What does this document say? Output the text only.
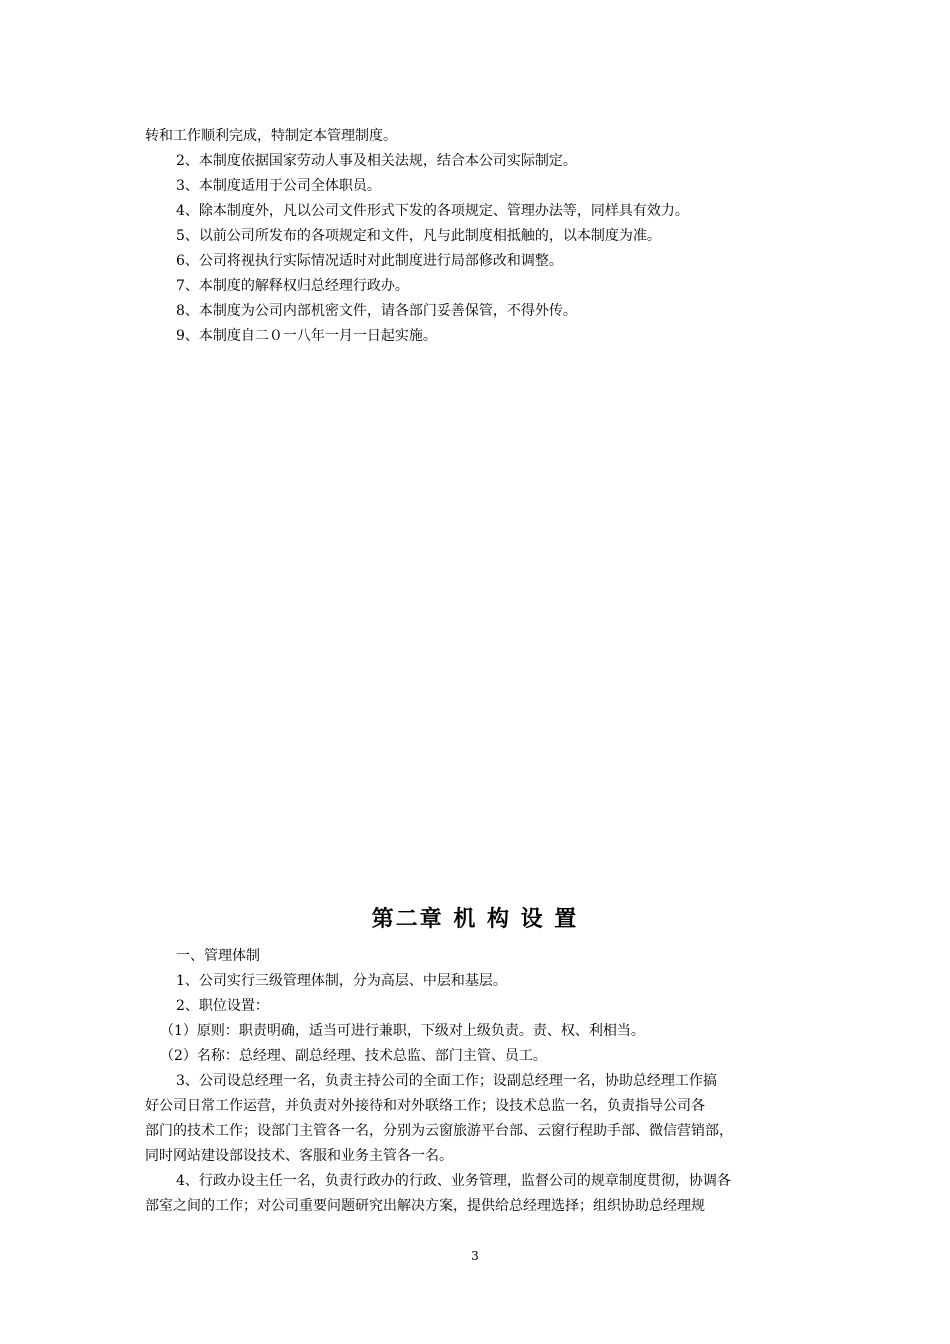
转和工作顺利完成，特制定本管理制度。
2、本制度依据国家劳动人事及相关法规，结合本公司实际制定。
3、本制度适用于公司全体职员。
4、除本制度外，凡以公司文件形式下发的各项规定、管理办法等，同样具有效力。
5、以前公司所发布的各项规定和文件，凡与此制度相抵触的，以本制度为准。
6、公司将视执行实际情况适时对此制度进行局部修改和调整。
7、本制度的解释权归总经理行政办。
8、本制度为公司内部机密文件，请各部门妥善保管，不得外传。
9、本制度自二０一八年一月一日起实施。
第二章 机 构 设 置
一、管理体制
1、公司实行三级管理体制，分为高层、中层和基层。
2、职位设置：
（1）原则：职责明确，适当可进行兼职，下级对上级负责。责、权、利相当。
（2）名称：总经理、副总经理、技术总监、部门主管、员工。
3、公司设总经理一名，负责主持公司的全面工作；设副总经理一名，协助总经理工作搞
好公司日常工作运营，并负责对外接待和对外联络工作；设技术总监一名，负责指导公司各
部门的技术工作；设部门主管各一名，分别为云窗旅游平台部、云窗行程助手部、微信营销部，
同时网站建设部设技术、客服和业务主管各一名。
4、行政办设主任一名，负责行政办的行政、业务管理，监督公司的规章制度贯彻，协调各
部室之间的工作；对公司重要问题研究出解决方案，提供给总经理选择；组织协助总经理规
3
